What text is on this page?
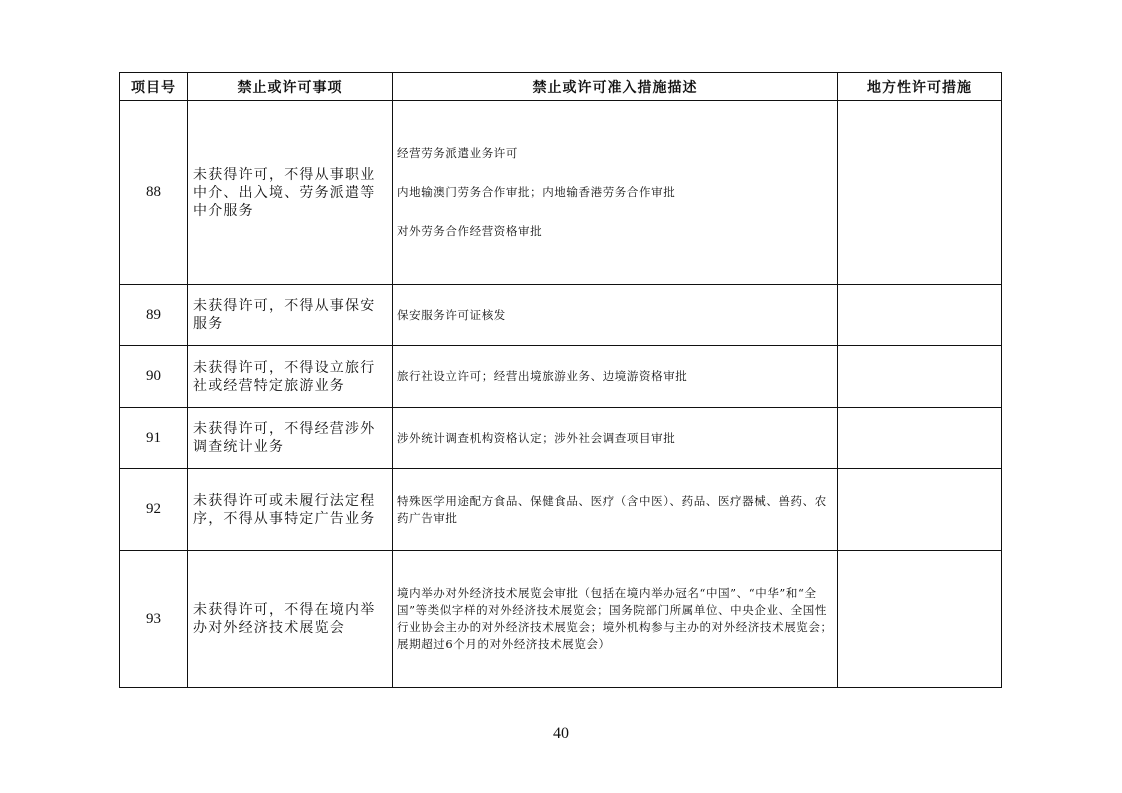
项目号	禁止或许可事项	禁止或许可准入措施描述	地方性许可措施
88	未获得许可，不得从事职业中介、出入境、劳务派遣等中介服务	经营劳务派遣业务许可
内地输澳门劳务合作审批；内地输香港劳务合作审批
对外劳务合作经营资格审批	

89	未获得许可，不得从事保安服务	保安服务许可证核发	

90	未获得许可，不得设立旅行社或经营特定旅游业务	旅行社设立许可；经营出境旅游业务、边境游资格审批	

91	未获得许可，不得经营涉外调查统计业务	涉外统计调查机构资格认定；涉外社会调查项目审批	

92	未获得许可或未履行法定程序，不得从事特定广告业务	特殊医学用途配方食品、保健食品、医疗（含中医）、药品、医疗器械、兽药、农药广告审批	

93	未获得许可，不得在境内举办对外经济技术展览会	境内举办对外经济技术展览会审批（包括在境内举办冠名“中国”、“中华”和“全国”等类似字样的对外经济技术展览会；国务院部门所属单位、中央企业、全国性行业协会主办的对外经济技术展览会；境外机构参与主办的对外经济技术展览会；展期超过6个月的对外经济技术展览会）	

40
